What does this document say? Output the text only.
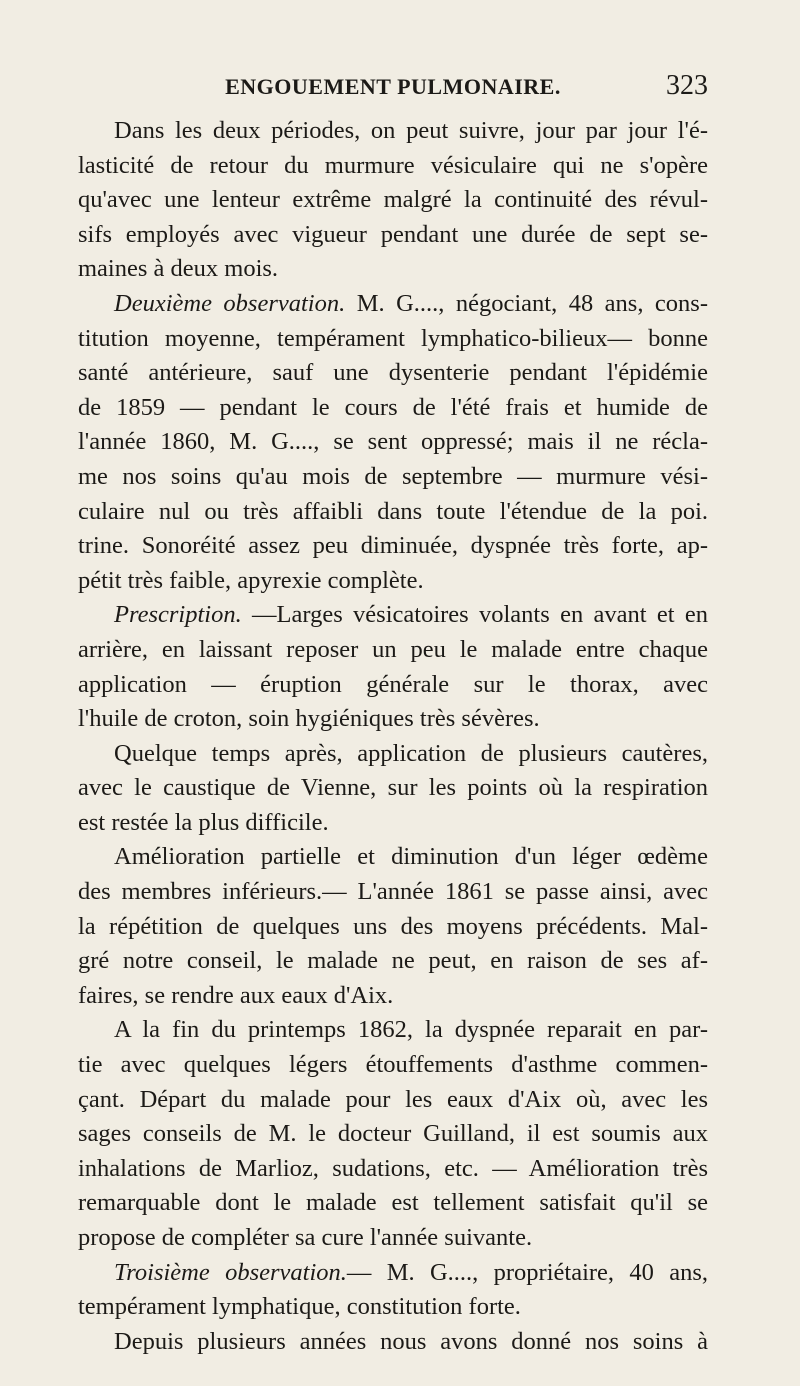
ENGOUEMENT PULMONAIRE.	323
Dans les deux périodes, on peut suivre, jour par jour l'é-
lasticité de retour du murmure vésiculaire qui ne s'opère
qu'avec une lenteur extrême malgré la continuité des révul-
sifs employés avec vigueur pendant une durée de sept se-
maines à deux mois.
Deuxième observation. M. G...., négociant, 48 ans, cons-
titution moyenne, tempérament lymphatico-bilieux— bonne
santé antérieure, sauf une dysenterie pendant l'épidémie
de 1859 — pendant le cours de l'été frais et humide de
l'année 1860, M. G...., se sent oppressé; mais il ne récla-
me nos soins qu'au mois de septembre — murmure vési-
culaire nul ou très affaibli dans toute l'étendue de la poi.
trine. Sonoréité assez peu diminuée, dyspnée très forte, ap-
pétit très faible, apyrexie complète.
Prescription. —Larges vésicatoires volants en avant et en
arrière, en laissant reposer un peu le malade entre chaque
application — éruption générale sur le thorax, avec
l'huile de croton, soin hygiéniques très sévères.
Quelque temps après, application de plusieurs cautères,
avec le caustique de Vienne, sur les points où la respiration
est restée la plus difficile.
Amélioration partielle et diminution d'un léger œdème
des membres inférieurs.— L'année 1861 se passe ainsi, avec
la répétition de quelques uns des moyens précédents. Mal-
gré notre conseil, le malade ne peut, en raison de ses af-
faires, se rendre aux eaux d'Aix.
A la fin du printemps 1862, la dyspnée reparait en par-
tie avec quelques légers étouffements d'asthme commen-
çant. Départ du malade pour les eaux d'Aix où, avec les
sages conseils de M. le docteur Guilland, il est soumis aux
inhalations de Marlioz, sudations, etc. — Amélioration très
remarquable dont le malade est tellement satisfait qu'il se
propose de compléter sa cure l'année suivante.
Troisième observation.— M. G...., propriétaire, 40 ans,
tempérament lymphatique, constitution forte.
Depuis plusieurs années nous avons donné nos soins à
